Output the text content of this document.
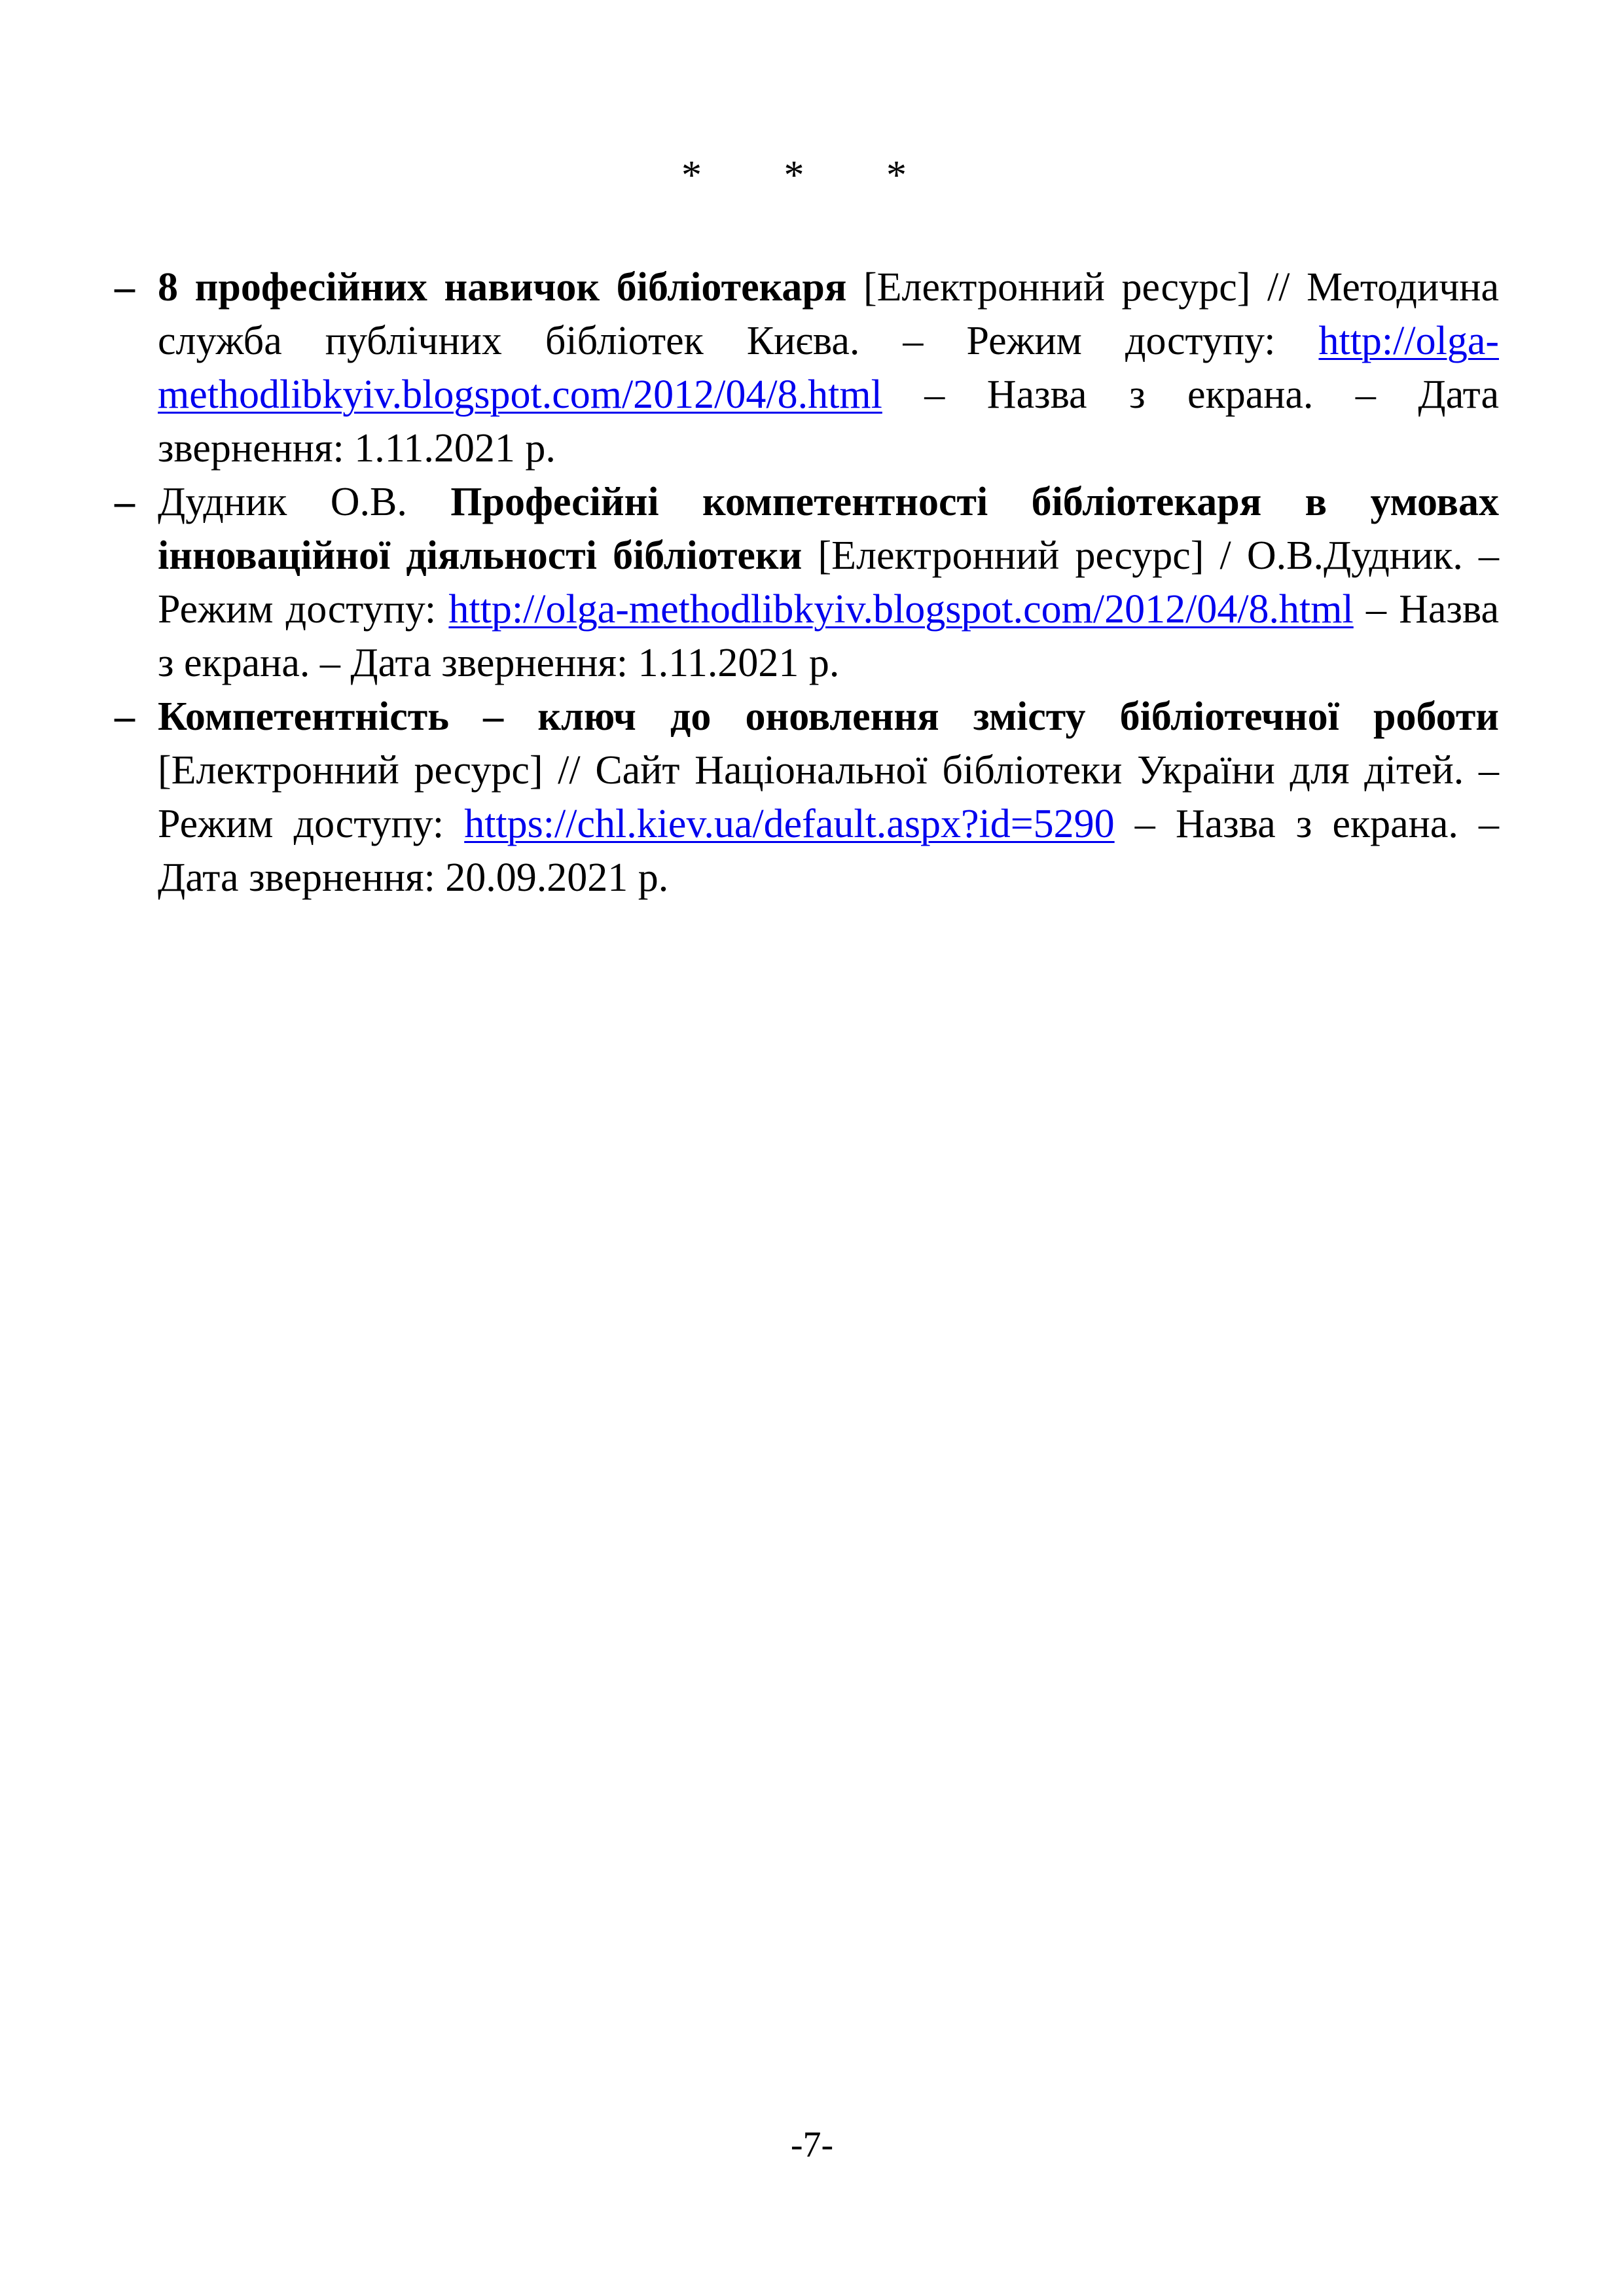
* * *
– 8 професійних навичок бібліотекаря [Електронний ресурс] // Методична служба публічних бібліотек Києва. – Режим доступу: http://olga-methodlibkyiv.blogspot.com/2012/04/8.html – Назва з екрана. – Дата звернення: 1.11.2021 р.
– Дудник О.В. Професійні компетентності бібліотекаря в умовах інноваційної діяльності бібліотеки [Електронний ресурс] / О.В.Дудник. – Режим доступу: http://olga-methodlibkyiv.blogspot.com/2012/04/8.html – Назва з екрана. – Дата звернення: 1.11.2021 р.
– Компетентність – ключ до оновлення змісту бібліотечної роботи [Електронний ресурс] // Сайт Національної бібліотеки України для дітей. – Режим доступу: https://chl.kiev.ua/default.aspx?id=5290 – Назва з екрана. – Дата звернення: 20.09.2021 р.
-7-
